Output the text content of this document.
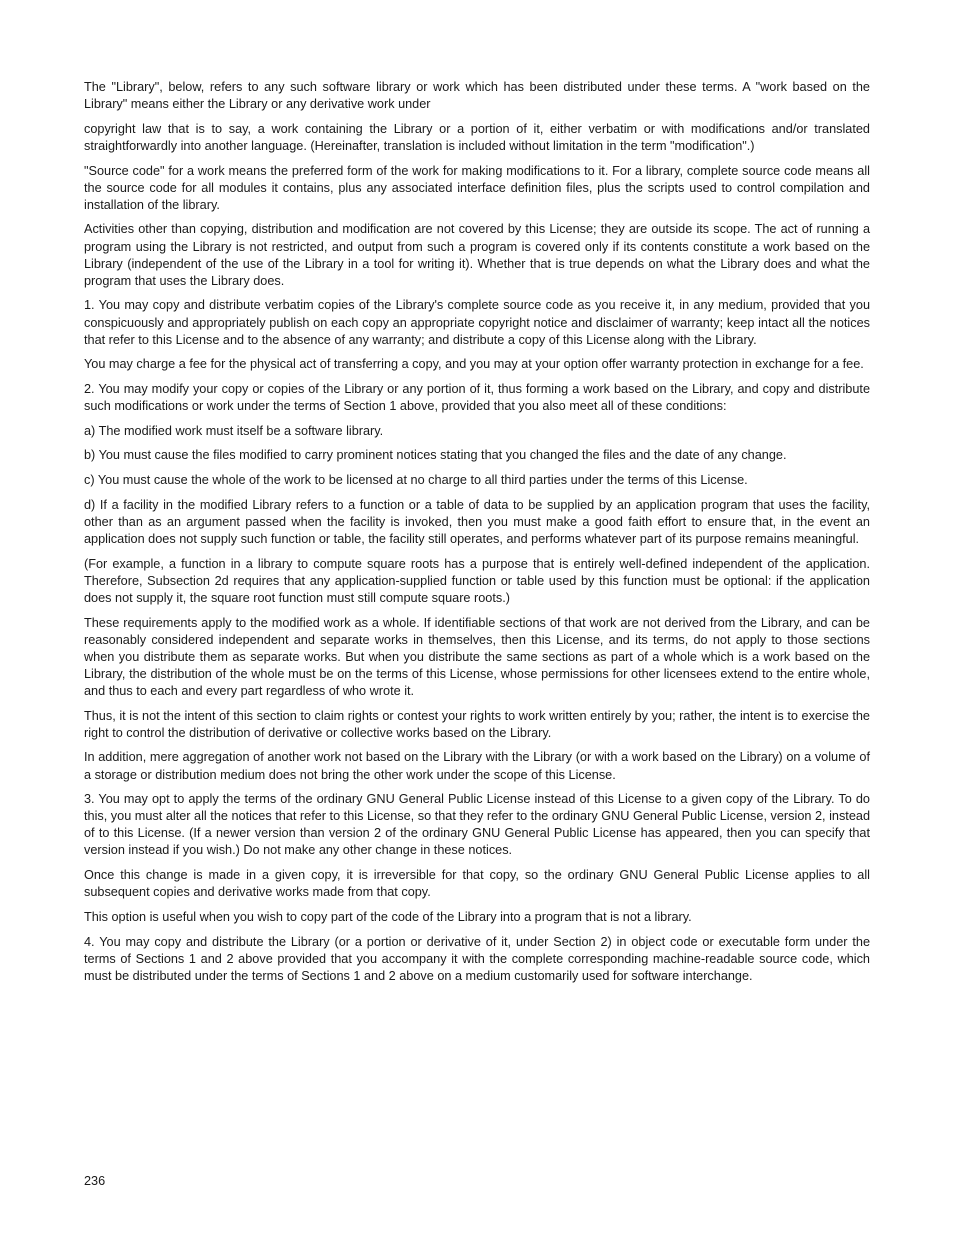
The "Library", below, refers to any such software library or work which has been distributed under these terms. A "work based on the Library" means either the Library or any derivative work under

copyright law that is to say, a work containing the Library or a portion of it, either verbatim or with modifications and/or translated straightforwardly into another language. (Hereinafter, translation is included without limitation in the term "modification".)

"Source code" for a work means the preferred form of the work for making modifications to it. For a library, complete source code means all the source code for all modules it contains, plus any associated interface definition files, plus the scripts used to control compilation and installation of the library.

Activities other than copying, distribution and modification are not covered by this License; they are outside its scope. The act of running a program using the Library is not restricted, and output from such a program is covered only if its contents constitute a work based on the Library (independent of the use of the Library in a tool for writing it). Whether that is true depends on what the Library does and what the program that uses the Library does.

1. You may copy and distribute verbatim copies of the Library's complete source code as you receive it, in any medium, provided that you conspicuously and appropriately publish on each copy an appropriate copyright notice and disclaimer of warranty; keep intact all the notices that refer to this License and to the absence of any warranty; and distribute a copy of this License along with the Library.

You may charge a fee for the physical act of transferring a copy, and you may at your option offer warranty protection in exchange for a fee.

2. You may modify your copy or copies of the Library or any portion of it, thus forming a work based on the Library, and copy and distribute such modifications or work under the terms of Section 1 above, provided that you also meet all of these conditions:

a) The modified work must itself be a software library.

b) You must cause the files modified to carry prominent notices stating that you changed the files and the date of any change.

c) You must cause the whole of the work to be licensed at no charge to all third parties under the terms of this License.

d) If a facility in the modified Library refers to a function or a table of data to be supplied by an application program that uses the facility, other than as an argument passed when the facility is invoked, then you must make a good faith effort to ensure that, in the event an application does not supply such function or table, the facility still operates, and performs whatever part of its purpose remains meaningful.

(For example, a function in a library to compute square roots has a purpose that is entirely well-defined independent of the application. Therefore, Subsection 2d requires that any application-supplied function or table used by this function must be optional: if the application does not supply it, the square root function must still compute square roots.)

These requirements apply to the modified work as a whole. If identifiable sections of that work are not derived from the Library, and can be reasonably considered independent and separate works in themselves, then this License, and its terms, do not apply to those sections when you distribute them as separate works. But when you distribute the same sections as part of a whole which is a work based on the Library, the distribution of the whole must be on the terms of this License, whose permissions for other licensees extend to the entire whole, and thus to each and every part regardless of who wrote it.

Thus, it is not the intent of this section to claim rights or contest your rights to work written entirely by you; rather, the intent is to exercise the right to control the distribution of derivative or collective works based on the Library.

In addition, mere aggregation of another work not based on the Library with the Library (or with a work based on the Library) on a volume of a storage or distribution medium does not bring the other work under the scope of this License.

3. You may opt to apply the terms of the ordinary GNU General Public License instead of this License to a given copy of the Library. To do this, you must alter all the notices that refer to this License, so that they refer to the ordinary GNU General Public License, version 2, instead of to this License. (If a newer version than version 2 of the ordinary GNU General Public License has appeared, then you can specify that version instead if you wish.) Do not make any other change in these notices.

Once this change is made in a given copy, it is irreversible for that copy, so the ordinary GNU General Public License applies to all subsequent copies and derivative works made from that copy.

This option is useful when you wish to copy part of the code of the Library into a program that is not a library.

4. You may copy and distribute the Library (or a portion or derivative of it, under Section 2) in object code or executable form under the terms of Sections 1 and 2 above provided that you accompany it with the complete corresponding machine-readable source code, which must be distributed under the terms of Sections 1 and 2 above on a medium customarily used for software interchange.

236
